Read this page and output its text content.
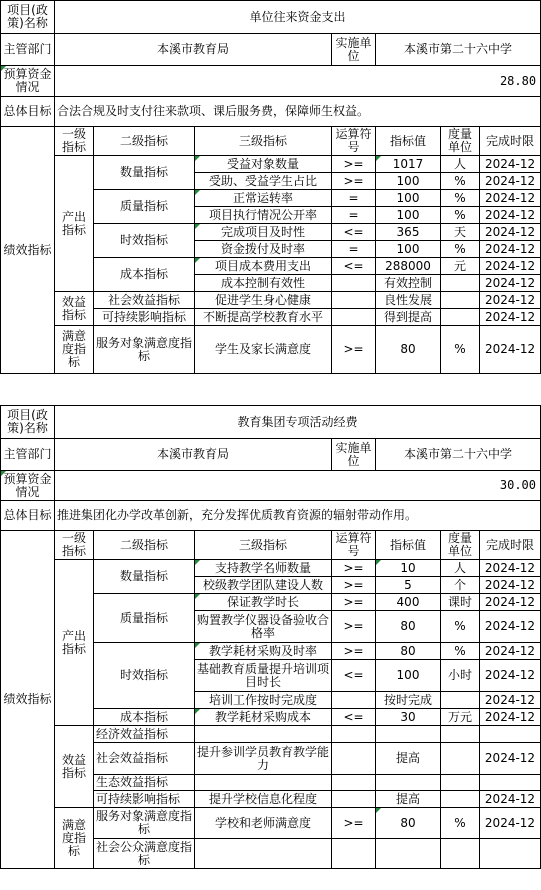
项目(政策)名称	单位往来资金支出						
主管部门	本溪市教育局			实施单位	本溪市第二十六中学		
预算资金情况	28.80						
总体目标	合法合规及时支付往来款项、课后服务费，保障师生权益。						
绩效指标	一级指标	二级指标	三级指标	运算符号	指标值	度量单位	完成时限
	产出指标	数量指标	受益对象数量	>=	1017	人	2024-12
			受助、受益学生占比	>=	100	%	2024-12
		质量指标	正常运转率	=	100	%	2024-12
			项目执行情况公开率	=	100	%	2024-12
		时效指标	完成项目及时性	<=	365	天	2024-12
			资金拨付及时率	=	100	%	2024-12
		成本指标	项目成本费用支出	<=	288000	元	2024-12
			成本控制有效性		有效控制		2024-12
	效益指标	社会效益指标	促进学生身心健康		良性发展		2024-12
		可持续影响指标	不断提高学校教育水平		得到提高		2024-12
	满意度指标	服务对象满意度指标	学生及家长满意度	>=	80	%	2024-12
项目(政策)名称	教育集团专项活动经费						
主管部门	本溪市教育局			实施单位	本溪市第二十六中学		
预算资金情况	30.00						
总体目标	推进集团化办学改革创新，充分发挥优质教育资源的辐射带动作用。						
绩效指标	一级指标	二级指标	三级指标	运算符号	指标值	度量单位	完成时限
	产出指标	数量指标	支持教学名师数量	>=	10	人	2024-12
			校级教学团队建设人数	>=	5	个	2024-12
		质量指标	保证教学时长	>=	400	课时	2024-12
			购置教学仪器设备验收合格率	>=	80	%	2024-12
		时效指标	教学耗材采购及时率	>=	80	%	2024-12
			基础教育质量提升培训项目时长	<=	100	小时	2024-12
			培训工作按时完成度		按时完成		2024-12
		成本指标	教学耗材采购成本	<=	30	万元	2024-12
	效益指标	经济效益指标					
		社会效益指标	提升参训学员教育教学能力		提高		2024-12

		生态效益指标					
		可持续影响指标	提升学校信息化程度		提高		2024-12
	满意度指标	服务对象满意度指标	学校和老师满意度	>=	80	%	2024-12
		社会公众满意度指标					
